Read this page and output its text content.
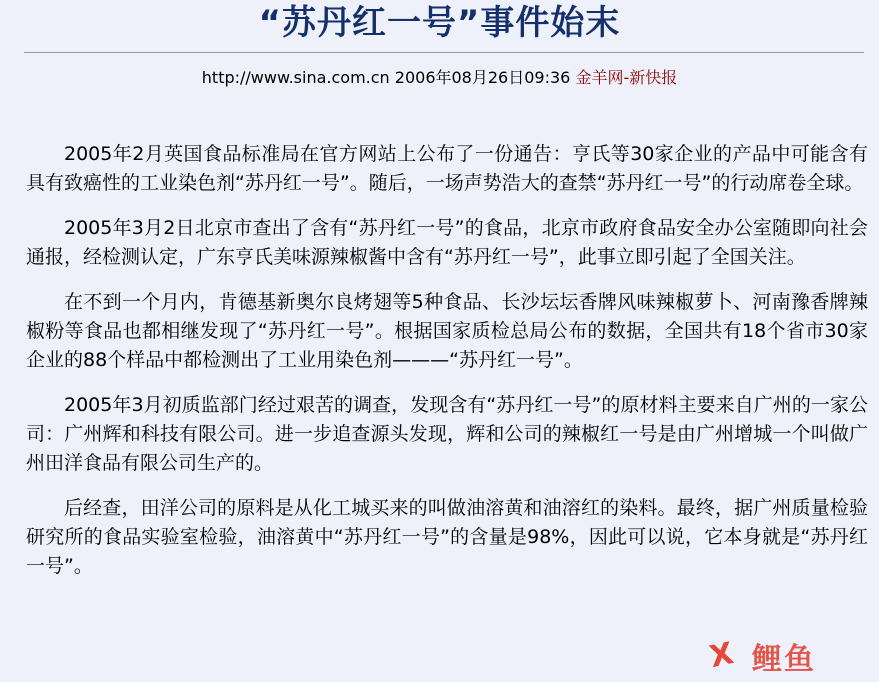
“苏丹红一号”事件始末
http://www.sina.com.cn 2006年08月26日09:36 金羊网-新快报

2005年2月英国食品标准局在官方网站上公布了一份通告：亨氏等30家企业的产品中可能含有具有致癌性的工业染色剂“苏丹红一号”。随后，一场声势浩大的查禁“苏丹红一号”的行动席卷全球。

2005年3月2日北京市查出了含有“苏丹红一号”的食品，北京市政府食品安全办公室随即向社会通报，经检测认定，广东亨氏美味源辣椒酱中含有“苏丹红一号”，此事立即引起了全国关注。

在不到一个月内，肯德基新奥尔良烤翅等5种食品、长沙坛坛香牌风味辣椒萝卜、河南豫香牌辣椒粉等食品也都相继发现了“苏丹红一号”。根据国家质检总局公布的数据，全国共有18个省市30家企业的88个样品中都检测出了工业用染色剂———“苏丹红一号”。

2005年3月初质监部门经过艰苦的调查，发现含有“苏丹红一号”的原材料主要来自广州的一家公司：广州辉和科技有限公司。进一步追查源头发现，辉和公司的辣椒红一号是由广州增城一个叫做广州田洋食品有限公司生产的。

后经查，田洋公司的原料是从化工城买来的叫做油溶黄和油溶红的染料。最终，据广州质量检验研究所的食品实验室检验，油溶黄中“苏丹红一号”的含量是98%，因此可以说，它本身就是“苏丹红一号”。

X 鲤鱼
